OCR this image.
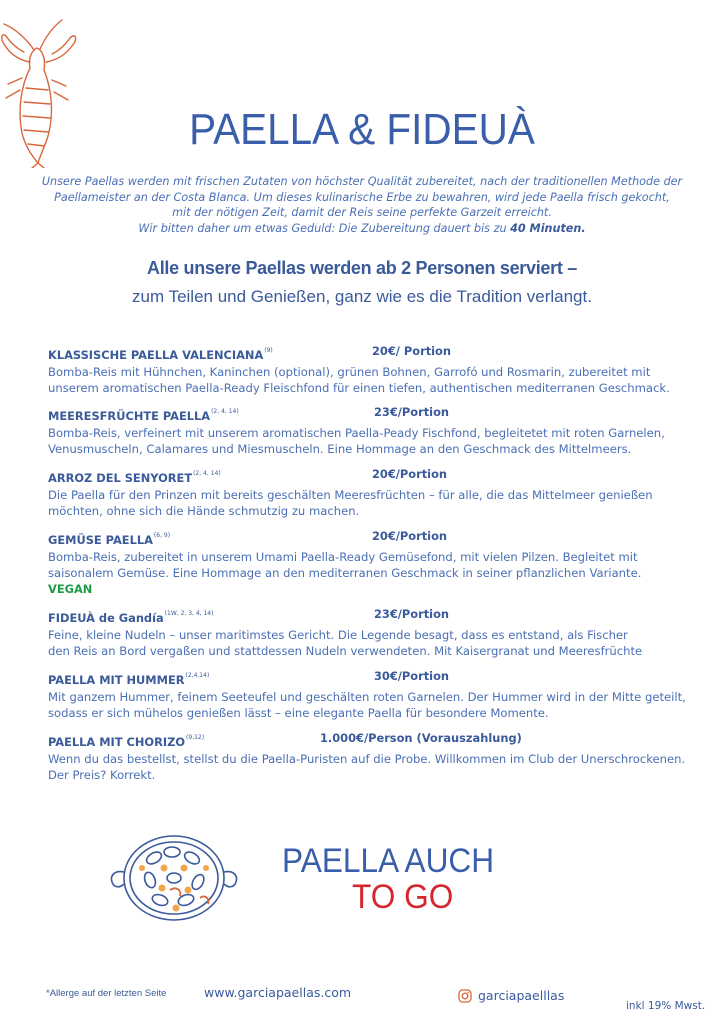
PAELLA & FIDEUÀ
Unsere Paellas werden mit frischen Zutaten von höchster Qualität zubereitet, nach der traditionellen Methode der
Paellameister an der Costa Blanca. Um dieses kulinarische Erbe zu bewahren, wird jede Paella frisch gekocht,
mit der nötigen Zeit, damit der Reis seine perfekte Garzeit erreicht.
Wir bitten daher um etwas Geduld: Die Zubereitung dauert bis zu 40 Minuten.
Alle unsere Paellas werden ab 2 Personen serviert –
zum Teilen und Genießen, ganz wie es die Tradition verlangt.
KLASSISCHE PAELLA VALENCIANA$^{(9)}$	20€/ Portion
Bomba-Reis mit Hühnchen, Kaninchen (optional), grünen Bohnen, Garrofó und Rosmarin, zubereitet mit
unserem aromatischen Paella-Ready Fleischfond für einen tiefen, authentischen mediterranen Geschmack.
MEERESFRÜCHTE PAELLA$^{(2, 4, 14)}$	23€/Portion
Bomba-Reis, verfeinert mit unserem aromatischen Paella-Peady Fischfond, begleitetet mit roten Garnelen,
Venusmuscheln, Calamares und Miesmuscheln. Eine Hommage an den Geschmack des Mittelmeers.
ARROZ DEL SENYORET$^{(2, 4, 14)}$	20€/Portion
Die Paella für den Prinzen mit bereits geschälten Meeresfrüchten – für alle, die das Mittelmeer genießen
möchten, ohne sich die Hände schmutzig zu machen.
GEMÜSE PAELLA$^{(6, 9)}$	20€/Portion
Bomba-Reis, zubereitet in unserem Umami Paella-Ready Gemüsefond, mit vielen Pilzen. Begleitet mit
saisonalem Gemüse. Eine Hommage an den mediterranen Geschmack in seiner pflanzlichen Variante.
VEGAN
FIDEUÀ de Gandía$^{(1W, 2, 3, 4, 14)}$	23€/Portion
Feine, kleine Nudeln – unser maritimstes Gericht. Die Legende besagt, dass es entstand, als Fischer
den Reis an Bord vergaßen und stattdessen Nudeln verwendeten. Mit Kaisergranat und Meeresfrüchte
PAELLA MIT HUMMER$^{(2,4,14)}$	30€/Portion
Mit ganzem Hummer, feinem Seeteufel und geschälten roten Garnelen. Der Hummer wird in der Mitte geteilt,
sodass er sich mühelos genießen lässt – eine elegante Paella für besondere Momente.
PAELLA MIT CHORIZO$^{(9,12)}$	1.000€/Person (Vorauszahlung)
Wenn du das bestellst, stellst du die Paella-Puristen auf die Probe. Willkommen im Club der Unerschrockenen.
Der Preis? Korrekt.
PAELLA AUCH
TO GO
*Allerge auf der letzten Seite	www.garciapaellas.com	garciapaelllas
inkl 19% Mwst.
